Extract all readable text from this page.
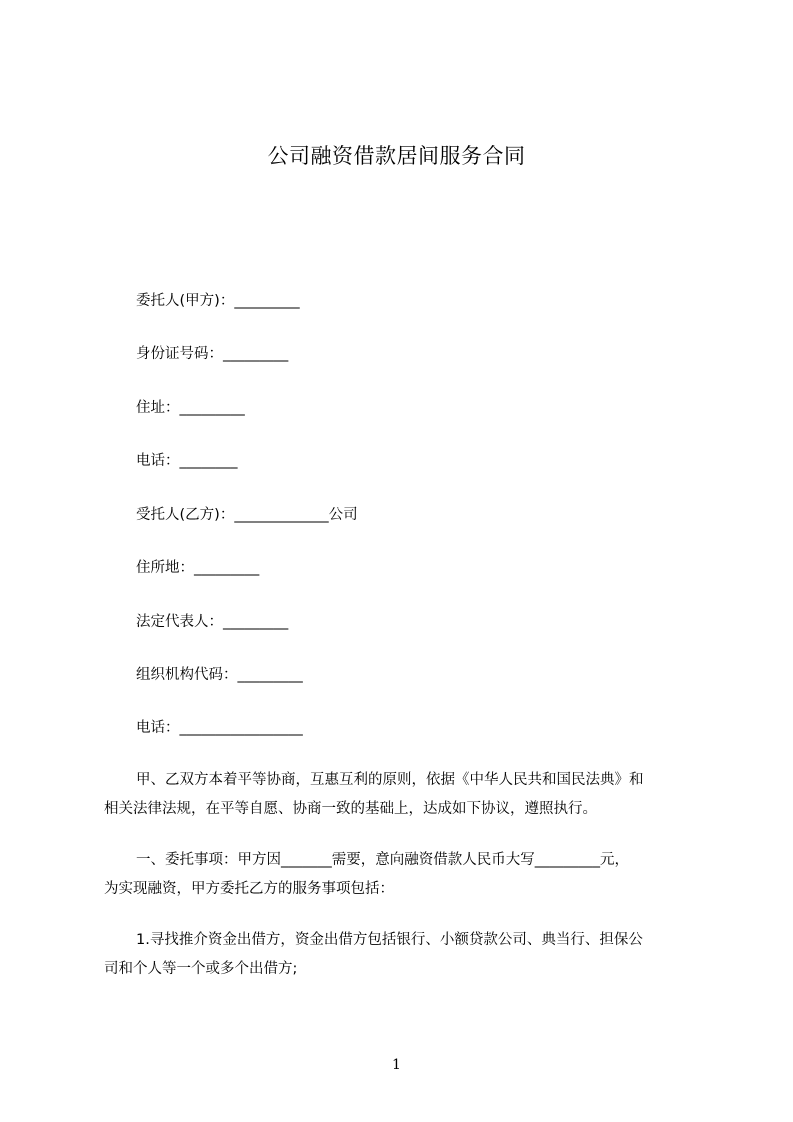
公司融资借款居间服务合同
委托人(甲方)：_________
身份证号码：_________
住址：_________
电话：________
受托人(乙方)：_____________公司
住所地：_________
法定代表人：_________
组织机构代码：_________
电话：_________________
甲、乙双方本着平等协商，互惠互利的原则，依据《中华人民共和国民法典》和
相关法律法规，在平等自愿、协商一致的基础上，达成如下协议，遵照执行。
一、委托事项：甲方因_______需要，意向融资借款人民币大写_________元，
为实现融资，甲方委托乙方的服务事项包括：
1.寻找推介资金出借方，资金出借方包括银行、小额贷款公司、典当行、担保公
司和个人等一个或多个出借方;
1
